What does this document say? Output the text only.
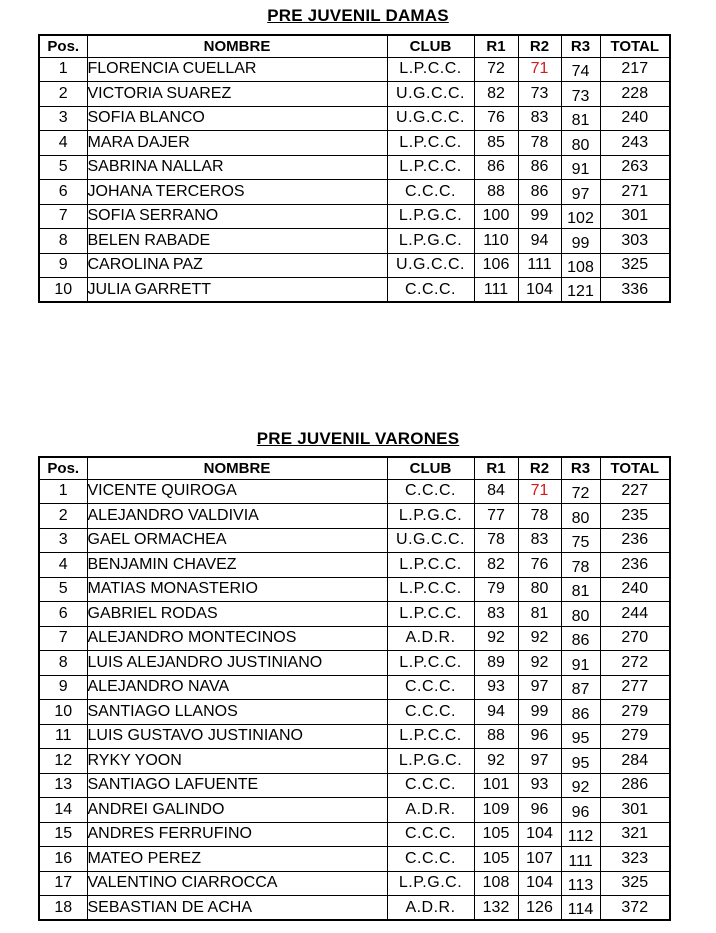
PRE JUVENIL DAMAS
Pos.	NOMBRE	CLUB	R1	R2	R3	TOTAL
1	FLORENCIA CUELLAR	L.P.C.C.	72	71	74	217
2	VICTORIA SUAREZ	U.G.C.C.	82	73	73	228
3	SOFIA BLANCO	U.G.C.C.	76	83	81	240
4	MARA DAJER	L.P.C.C.	85	78	80	243
5	SABRINA NALLAR	L.P.C.C.	86	86	91	263
6	JOHANA TERCEROS	C.C.C.	88	86	97	271
7	SOFIA SERRANO	L.P.G.C.	100	99	102	301
8	BELEN RABADE	L.P.G.C.	110	94	99	303
9	CAROLINA PAZ	U.G.C.C.	106	111	108	325
10	JULIA GARRETT	C.C.C.	111	104	121	336
PRE JUVENIL VARONES
Pos.	NOMBRE	CLUB	R1	R2	R3	TOTAL
1	VICENTE QUIROGA	C.C.C.	84	71	72	227
2	ALEJANDRO VALDIVIA	L.P.G.C.	77	78	80	235
3	GAEL ORMACHEA	U.G.C.C.	78	83	75	236
4	BENJAMIN CHAVEZ	L.P.C.C.	82	76	78	236
5	MATIAS MONASTERIO	L.P.C.C.	79	80	81	240
6	GABRIEL RODAS	L.P.C.C.	83	81	80	244
7	ALEJANDRO MONTECINOS	A.D.R.	92	92	86	270
8	LUIS ALEJANDRO JUSTINIANO	L.P.C.C.	89	92	91	272
9	ALEJANDRO NAVA	C.C.C.	93	97	87	277
10	SANTIAGO LLANOS	C.C.C.	94	99	86	279
11	LUIS GUSTAVO JUSTINIANO	L.P.C.C.	88	96	95	279
12	RYKY YOON	L.P.G.C.	92	97	95	284
13	SANTIAGO LAFUENTE	C.C.C.	101	93	92	286
14	ANDREI GALINDO	A.D.R.	109	96	96	301
15	ANDRES FERRUFINO	C.C.C.	105	104	112	321
16	MATEO PEREZ	C.C.C.	105	107	111	323
17	VALENTINO CIARROCCA	L.P.G.C.	108	104	113	325
18	SEBASTIAN DE ACHA	A.D.R.	132	126	114	372
